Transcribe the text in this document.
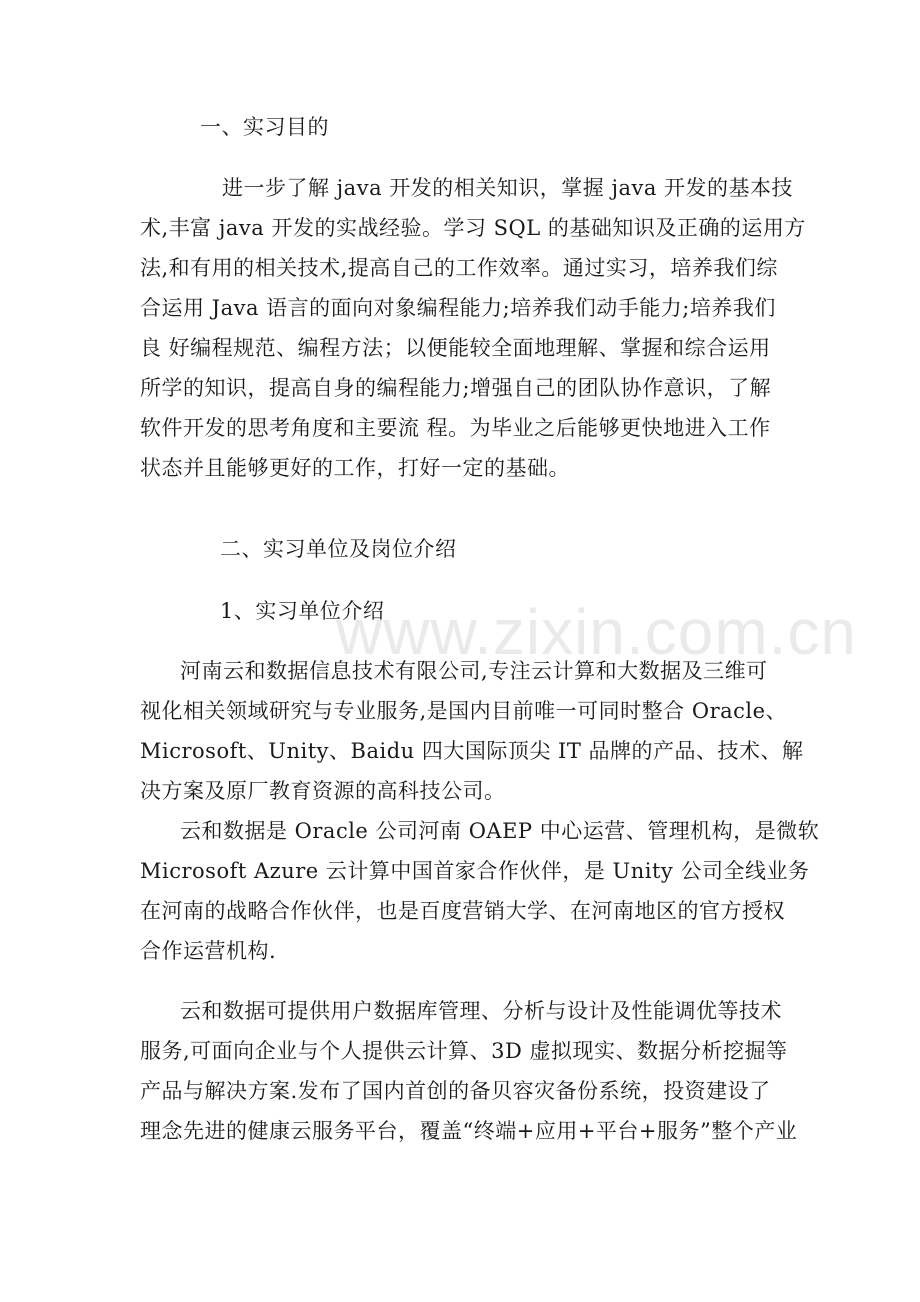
一、实习目的
进一步了解 java 开发的相关知识，掌握 java 开发的基本技
术,丰富 java 开发的实战经验。学习 SQL 的基础知识及正确的运用方
法,和有用的相关技术,提高自己的工作效率。通过实习，培养我们综
合运用 Java 语言的面向对象编程能力;培养我们动手能力;培养我们
良 好编程规范、编程方法；以便能较全面地理解、掌握和综合运用
所学的知识，提高自身的编程能力;增强自己的团队协作意识，了解
软件开发的思考角度和主要流 程。为毕业之后能够更快地进入工作
状态并且能够更好的工作，打好一定的基础。
二、实习单位及岗位介绍
1、实习单位介绍
www.zixin.com.cn
河南云和数据信息技术有限公司,专注云计算和大数据及三维可
视化相关领域研究与专业服务,是国内目前唯一可同时整合 Oracle、
Microsoft、Unity、Baidu 四大国际顶尖 IT 品牌的产品、技术、解
决方案及原厂教育资源的高科技公司。
云和数据是 Oracle 公司河南 OAEP 中心运营、管理机构，是微软
Microsoft Azure 云计算中国首家合作伙伴，是 Unity 公司全线业务
在河南的战略合作伙伴，也是百度营销大学、在河南地区的官方授权
合作运营机构.
云和数据可提供用户数据库管理、分析与设计及性能调优等技术
服务,可面向企业与个人提供云计算、3D 虚拟现实、数据分析挖掘等
产品与解决方案.发布了国内首创的备贝容灾备份系统，投资建设了
理念先进的健康云服务平台，覆盖“终端+应用+平台+服务”整个产业
